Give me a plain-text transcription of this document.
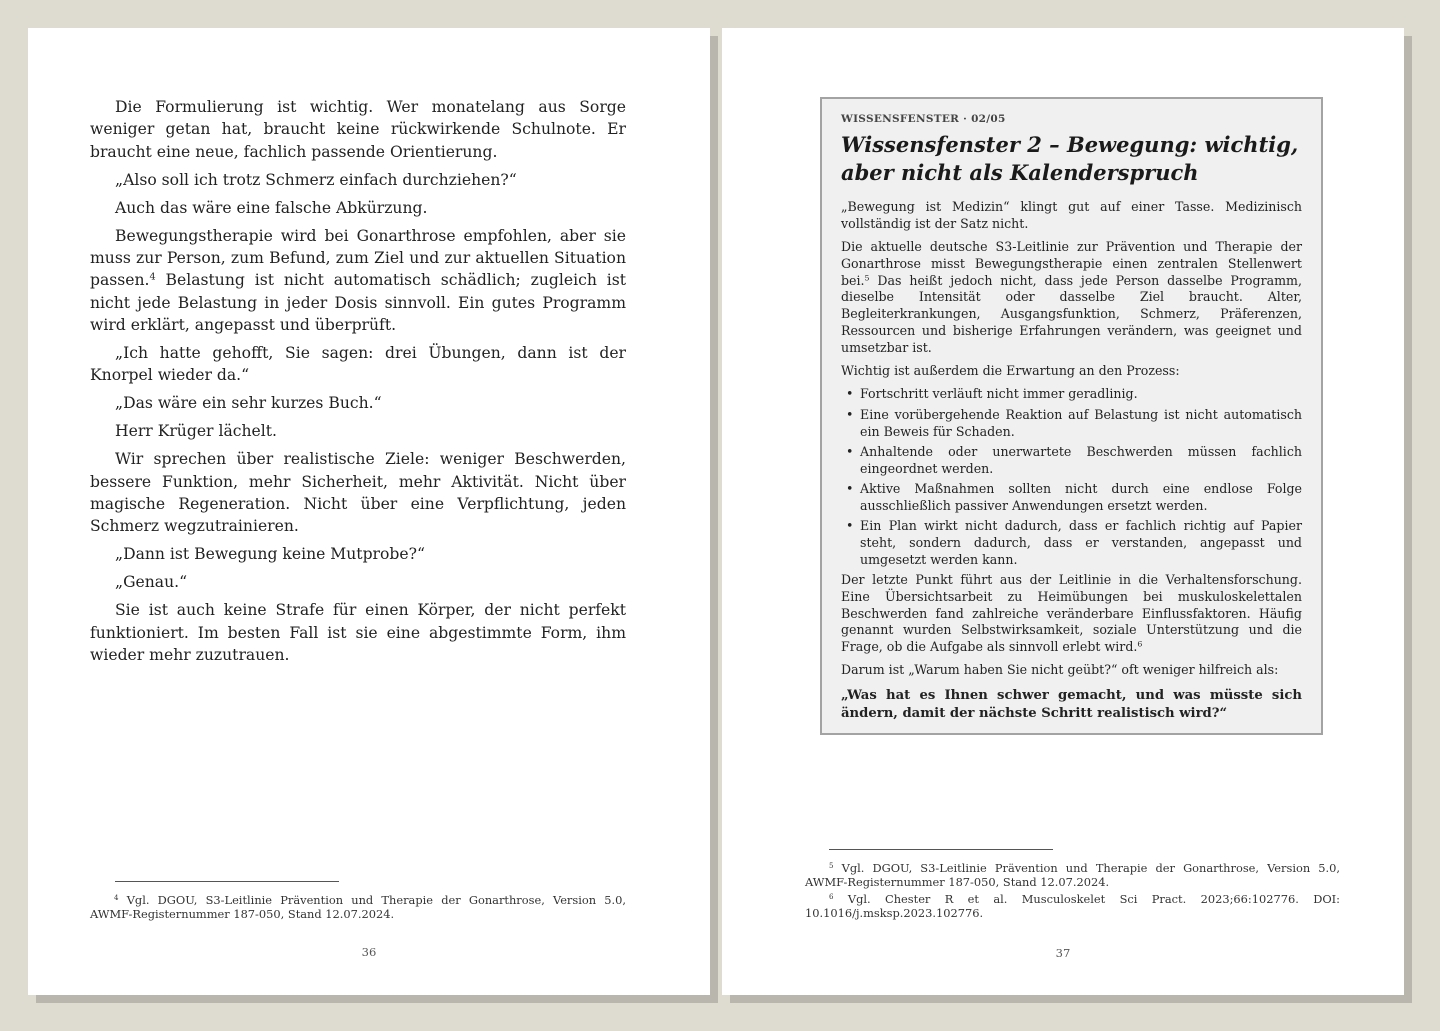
Die Formulierung ist wichtig. Wer monatelang aus Sorge weniger getan hat, braucht keine rückwirkende Schulnote. Er braucht eine neue, fachlich passende Orientierung.

„Also soll ich trotz Schmerz einfach durchziehen?“

Auch das wäre eine falsche Abkürzung.

Bewegungstherapie wird bei Gonarthrose empfohlen, aber sie muss zur Person, zum Befund, zum Ziel und zur aktuellen Situation passen.$^4$ Belastung ist nicht automatisch schädlich; zugleich ist nicht jede Belastung in jeder Dosis sinnvoll. Ein gutes Programm wird erklärt, angepasst und überprüft.

„Ich hatte gehofft, Sie sagen: drei Übungen, dann ist der Knorpel wieder da.“

„Das wäre ein sehr kurzes Buch.“

Herr Krüger lächelt.

Wir sprechen über realistische Ziele: weniger Beschwerden, bessere Funktion, mehr Sicherheit, mehr Aktivität. Nicht über magische Regeneration. Nicht über eine Verpflichtung, jeden Schmerz wegzutrainieren.

„Dann ist Bewegung keine Mutprobe?“

„Genau.“

Sie ist auch keine Strafe für einen Körper, der nicht perfekt funktioniert. Im besten Fall ist sie eine abgestimmte Form, ihm wieder mehr zuzutrauen.

$^4$ Vgl. DGOU, S3-Leitlinie Prävention und Therapie der Gonarthrose, Version 5.0, AWMF-Registernummer 187-050, Stand 12.07.2024.

36
WISSENSFENSTER · 02/05
Wissensfenster 2 – Bewegung: wichtig, aber nicht als Kalenderspruch

„Bewegung ist Medizin“ klingt gut auf einer Tasse. Medizinisch vollständig ist der Satz nicht.

Die aktuelle deutsche S3-Leitlinie zur Prävention und Therapie der Gonarthrose misst Bewegungstherapie einen zentralen Stellenwert bei.$^5$ Das heißt jedoch nicht, dass jede Person dasselbe Programm, dieselbe Intensität oder dasselbe Ziel braucht. Alter, Begleiterkrankungen, Ausgangsfunktion, Schmerz, Präferenzen, Ressourcen und bisherige Erfahrungen verändern, was geeignet und umsetzbar ist.

Wichtig ist außerdem die Erwartung an den Prozess:

• Fortschritt verläuft nicht immer geradlinig.
• Eine vorübergehende Reaktion auf Belastung ist nicht automatisch ein Beweis für Schaden.
• Anhaltende oder unerwartete Beschwerden müssen fachlich eingeordnet werden.
• Aktive Maßnahmen sollten nicht durch eine endlose Folge ausschließlich passiver Anwendungen ersetzt werden.
• Ein Plan wirkt nicht dadurch, dass er fachlich richtig auf Papier steht, sondern dadurch, dass er verstanden, angepasst und umgesetzt werden kann.

Der letzte Punkt führt aus der Leitlinie in die Verhaltensforschung. Eine Übersichtsarbeit zu Heimübungen bei muskuloskelettalen Beschwerden fand zahlreiche veränderbare Einflussfaktoren. Häufig genannt wurden Selbstwirksamkeit, soziale Unterstützung und die Frage, ob die Aufgabe als sinnvoll erlebt wird.$^6$

Darum ist „Warum haben Sie nicht geübt?“ oft weniger hilfreich als:

„Was hat es Ihnen schwer gemacht, und was müsste sich ändern, damit der nächste Schritt realistisch wird?“

$^5$ Vgl. DGOU, S3-Leitlinie Prävention und Therapie der Gonarthrose, Version 5.0, AWMF-Registernummer 187-050, Stand 12.07.2024.

$^6$ Vgl. Chester R et al. Musculoskelet Sci Pract. 2023;66:102776. DOI: 10.1016/j.msksp.2023.102776.

37
